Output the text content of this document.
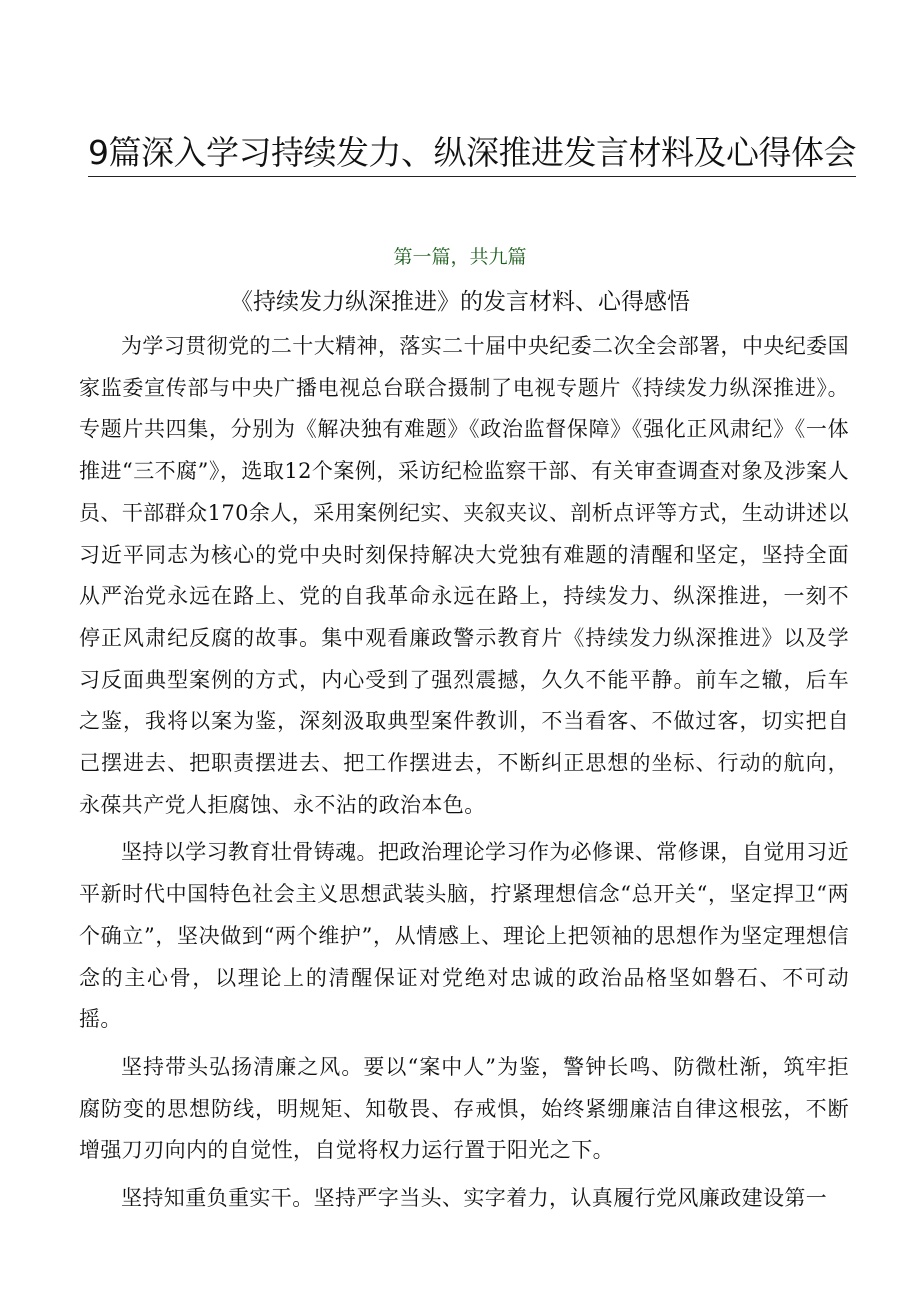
9篇深入学习持续发力、纵深推进发言材料及心得体会
第一篇，共九篇
《持续发力纵深推进》的发言材料、心得感悟

为学习贯彻党的二十大精神，落实二十届中央纪委二次全会部署，中央纪委国家监委宣传部与中央广播电视总台联合摄制了电视专题片《持续发力纵深推进》。专题片共四集，分别为《解决独有难题》《政治监督保障》《强化正风肃纪》《一体推进“三不腐”》，选取12个案例，采访纪检监察干部、有关审查调查对象及涉案人员、干部群众170余人，采用案例纪实、夹叙夹议、剖析点评等方式，生动讲述以习近平同志为核心的党中央时刻保持解决大党独有难题的清醒和坚定，坚持全面从严治党永远在路上、党的自我革命永远在路上，持续发力、纵深推进，一刻不停正风肃纪反腐的故事。集中观看廉政警示教育片《持续发力纵深推进》以及学习反面典型案例的方式，内心受到了强烈震撼，久久不能平静。前车之辙，后车之鉴，我将以案为鉴，深刻汲取典型案件教训，不当看客、不做过客，切实把自己摆进去、把职责摆进去、把工作摆进去，不断纠正思想的坐标、行动的航向，永葆共产党人拒腐蚀、永不沾的政治本色。

坚持以学习教育壮骨铸魂。把政治理论学习作为必修课、常修课，自觉用习近平新时代中国特色社会主义思想武装头脑，拧紧理想信念“总开关“，坚定捍卫“两个确立”，坚决做到“两个维护”，从情感上、理论上把领袖的思想作为坚定理想信念的主心骨，以理论上的清醒保证对党绝对忠诚的政治品格坚如磐石、不可动摇。

坚持带头弘扬清廉之风。要以“案中人”为鉴，警钟长鸣、防微杜渐，筑牢拒腐防变的思想防线，明规矩、知敬畏、存戒惧，始终紧绷廉洁自律这根弦，不断增强刀刃向内的自觉性，自觉将权力运行置于阳光之下。

坚持知重负重实干。坚持严字当头、实字着力，认真履行党风廉政建设第一
